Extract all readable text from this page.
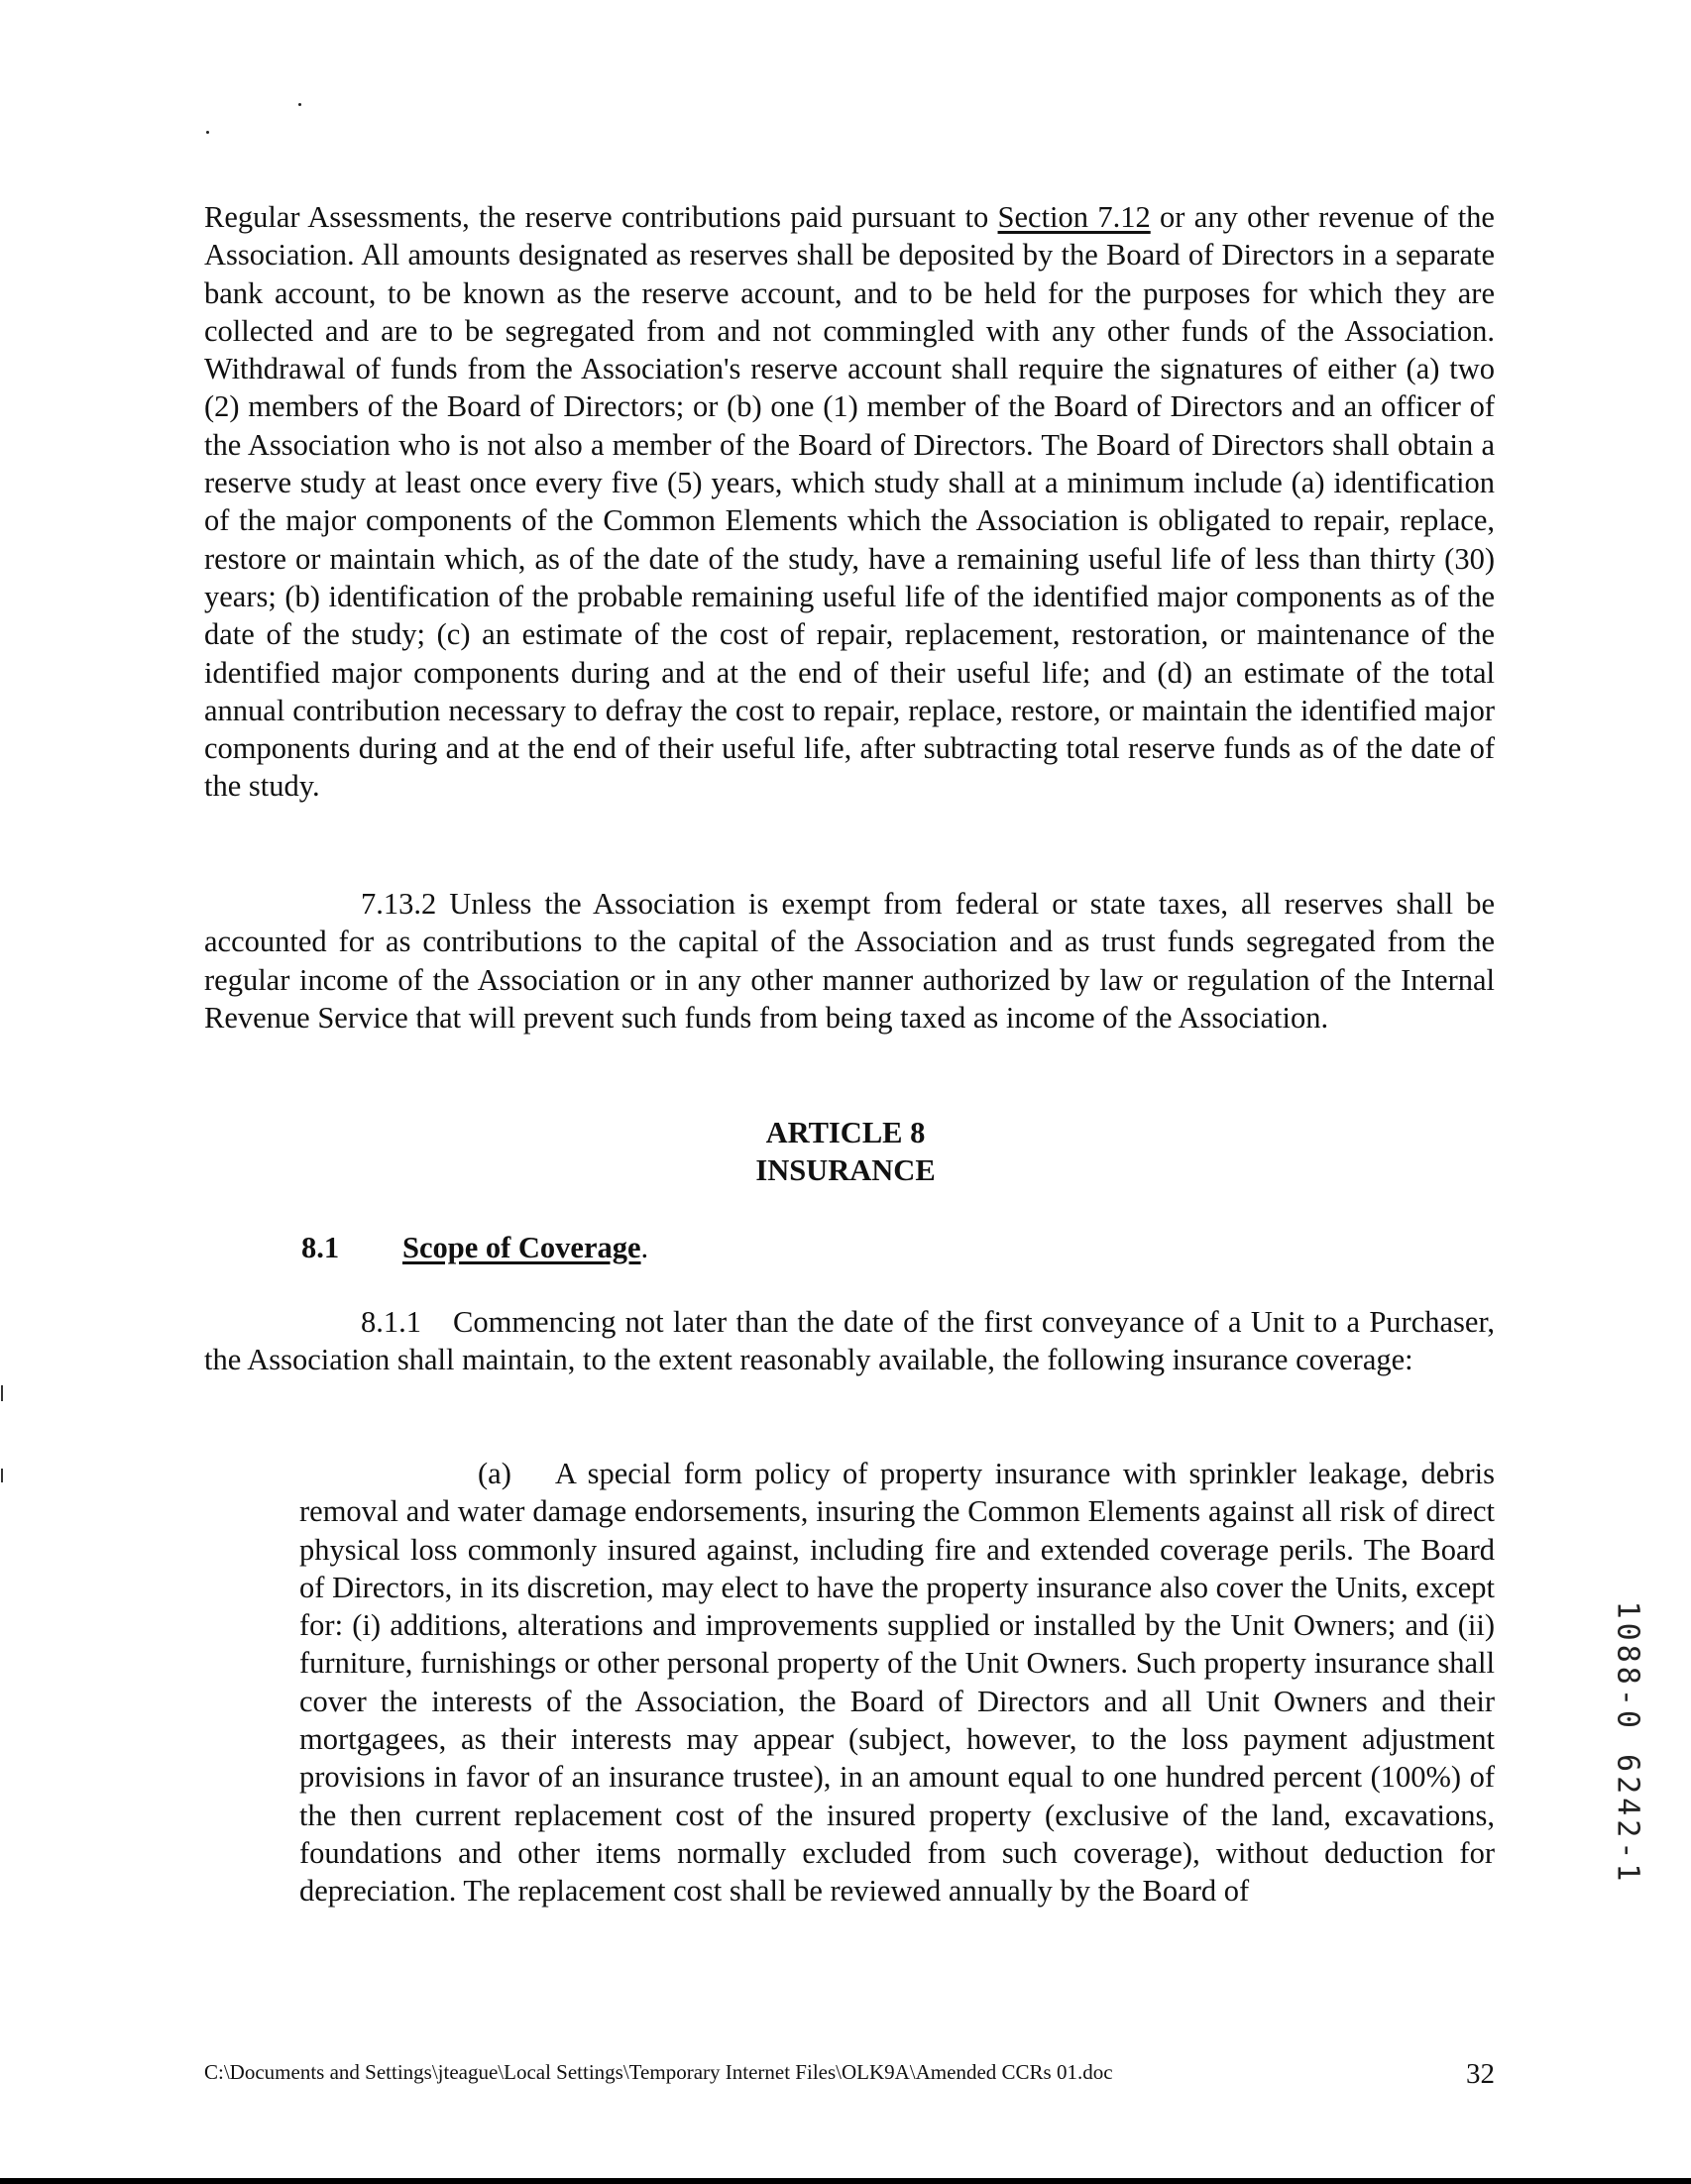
Regular Assessments, the reserve contributions paid pursuant to Section 7.12 or any other revenue of the Association. All amounts designated as reserves shall be deposited by the Board of Directors in a separate bank account, to be known as the reserve account, and to be held for the purposes for which they are collected and are to be segregated from and not commingled with any other funds of the Association. Withdrawal of funds from the Association's reserve account shall require the signatures of either (a) two (2) members of the Board of Directors; or (b) one (1) member of the Board of Directors and an officer of the Association who is not also a member of the Board of Directors. The Board of Directors shall obtain a reserve study at least once every five (5) years, which study shall at a minimum include (a) identification of the major components of the Common Elements which the Association is obligated to repair, replace, restore or maintain which, as of the date of the study, have a remaining useful life of less than thirty (30) years; (b) identification of the probable remaining useful life of the identified major components as of the date of the study; (c) an estimate of the cost of repair, replacement, restoration, or maintenance of the identified major components during and at the end of their useful life; and (d) an estimate of the total annual contribution necessary to defray the cost to repair, replace, restore, or maintain the identified major components during and at the end of their useful life, after subtracting total reserve funds as of the date of the study.

7.13.2 Unless the Association is exempt from federal or state taxes, all reserves shall be accounted for as contributions to the capital of the Association and as trust funds segregated from the regular income of the Association or in any other manner authorized by law or regulation of the Internal Revenue Service that will prevent such funds from being taxed as income of the Association.

ARTICLE 8
INSURANCE
8.1 Scope of Coverage.

8.1.1 Commencing not later than the date of the first conveyance of a Unit to a Purchaser, the Association shall maintain, to the extent reasonably available, the following insurance coverage:

(a) A special form policy of property insurance with sprinkler leakage, debris removal and water damage endorsements, insuring the Common Elements against all risk of direct physical loss commonly insured against, including fire and extended coverage perils. The Board of Directors, in its discretion, may elect to have the property insurance also cover the Units, except for: (i) additions, alterations and improvements supplied or installed by the Unit Owners; and (ii) furniture, furnishings or other personal property of the Unit Owners. Such property insurance shall cover the interests of the Association, the Board of Directors and all Unit Owners and their mortgagees, as their interests may appear (subject, however, to the loss payment adjustment provisions in favor of an insurance trustee), in an amount equal to one hundred percent (100%) of the then current replacement cost of the insured property (exclusive of the land, excavations, foundations and other items normally excluded from such coverage), without deduction for depreciation. The replacement cost shall be reviewed annually by the Board of

1088-0 6242-1
C:\Documents and Settings\jteague\Local Settings\Temporary Internet Files\OLK9A\Amended CCRs 01.doc	32
